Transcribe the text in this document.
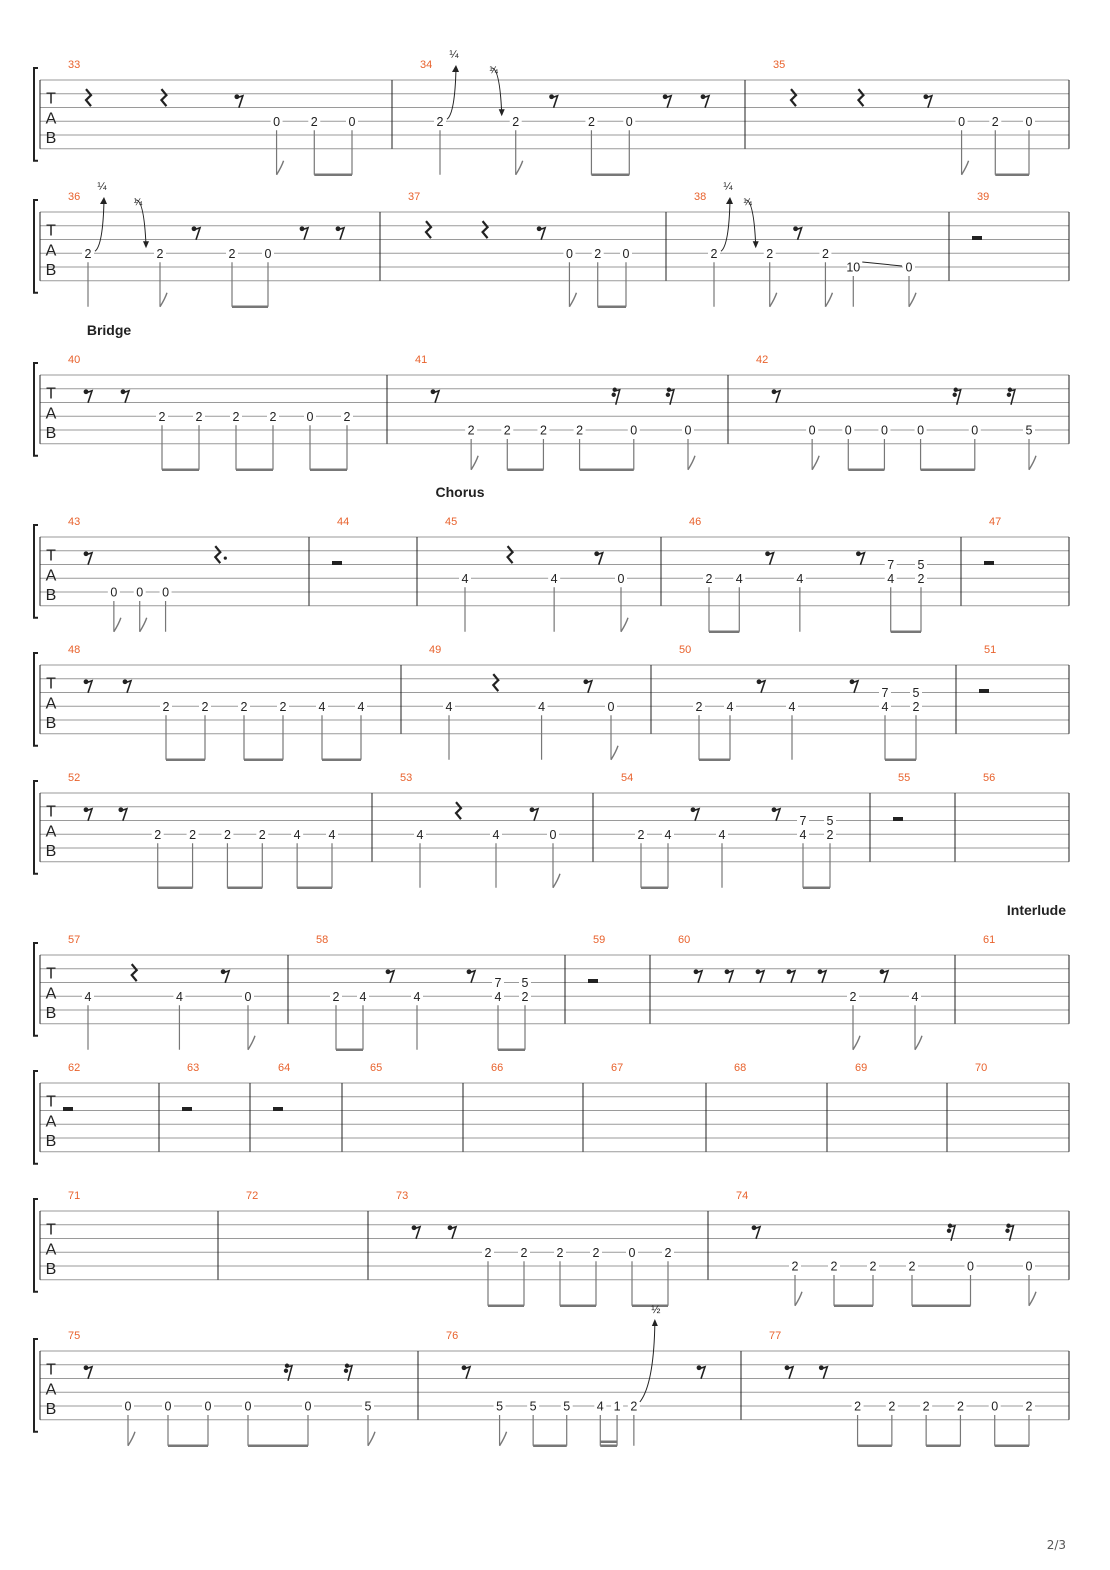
Bridge
Chorus
Interlude
T
A
B
33
0 2 0
34
2
¼
2
¼
2 0
35
0 2 0
T
A
B
36
2
¼
2
¼
2 0
37
0 2 0
38
2
¼
2
¼
2
10	0
39
T
A
B
40
2 2 2 2 0 2
41
2 2 2 2	0	0
42
0 0 0 0	0	5
T
A
B
43
0 0 0
44	45
4	4	0
46
2 4	4
7
4
5
2
47
T
A
B
48
2	2	2	2	4	4
49
4	4	0
50
2 4	4
7
4
5
2
51
T
A
B
52
2 2 2 2 4 4
53
4	4	0
54
2 4	4
7
4
5
2
55	56
T
A
B
57
4	4	0
58
2 4	4
7
4
5
2
59	60
2	4
61
T
A
B
62	63	64	65	66	67	68	69	70
T
A
B
71	72	73
2 2 2 2 0 2
74
2	2	2	2	0	0
T
A
B
75
0	0	0	0	0	5
76
5 5 5 4 1 2
½
77
2 2 2 2 0 2
2/3
